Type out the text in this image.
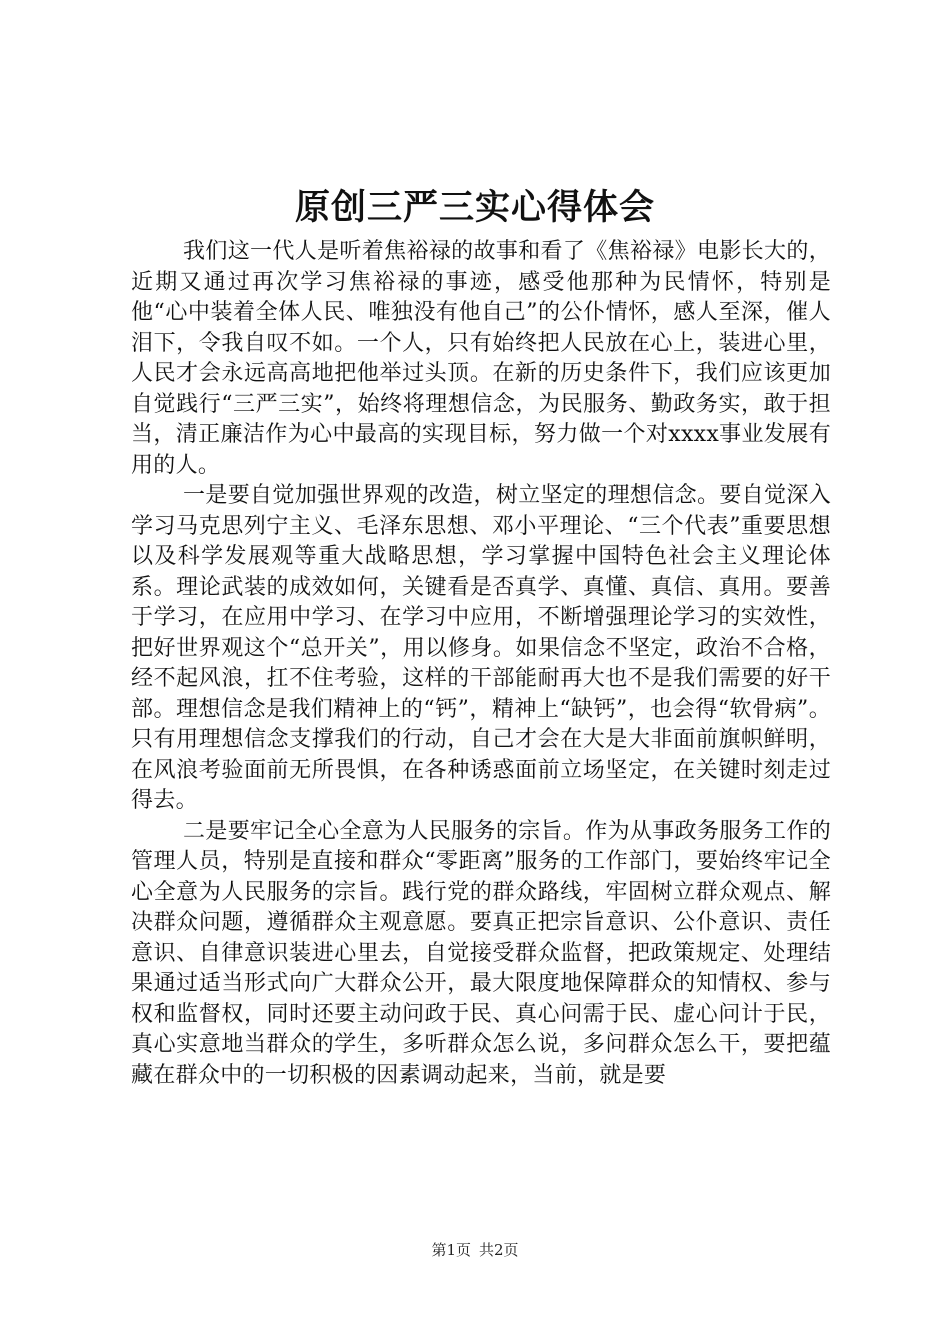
原创三严三实心得体会

我们这一代人是听着焦裕禄的故事和看了《焦裕禄》电影长大的，近期又通过再次学习焦裕禄的事迹，感受他那种为民情怀，特别是他“心中装着全体人民、唯独没有他自己”的公仆情怀，感人至深，催人泪下，令我自叹不如。一个人，只有始终把人民放在心上，装进心里，人民才会永远高高地把他举过头顶。在新的历史条件下，我们应该更加自觉践行“三严三实”，始终将理想信念，为民服务、勤政务实，敢于担当，清正廉洁作为心中最高的实现目标，努力做一个对xxxx事业发展有用的人。

一是要自觉加强世界观的改造，树立坚定的理想信念。要自觉深入学习马克思列宁主义、毛泽东思想、邓小平理论、“三个代表”重要思想以及科学发展观等重大战略思想，学习掌握中国特色社会主义理论体系。理论武装的成效如何，关键看是否真学、真懂、真信、真用。要善于学习，在应用中学习、在学习中应用，不断增强理论学习的实效性，把好世界观这个“总开关”，用以修身。如果信念不坚定，政治不合格，经不起风浪，扛不住考验，这样的干部能耐再大也不是我们需要的好干部。理想信念是我们精神上的“钙”，精神上“缺钙”，也会得“软骨病”。只有用理想信念支撑我们的行动，自己才会在大是大非面前旗帜鲜明，在风浪考验面前无所畏惧，在各种诱惑面前立场坚定，在关键时刻走过得去。

二是要牢记全心全意为人民服务的宗旨。作为从事政务服务工作的管理人员，特别是直接和群众“零距离”服务的工作部门，要始终牢记全心全意为人民服务的宗旨。践行党的群众路线，牢固树立群众观点、解决群众问题，遵循群众主观意愿。要真正把宗旨意识、公仆意识、责任意识、自律意识装进心里去，自觉接受群众监督，把政策规定、处理结果通过适当形式向广大群众公开，最大限度地保障群众的知情权、参与权和监督权，同时还要主动问政于民、真心问需于民、虚心问计于民，真心实意地当群众的学生，多听群众怎么说，多问群众怎么干，要把蕴藏在群众中的一切积极的因素调动起来，当前，就是要

第1页 共2页
